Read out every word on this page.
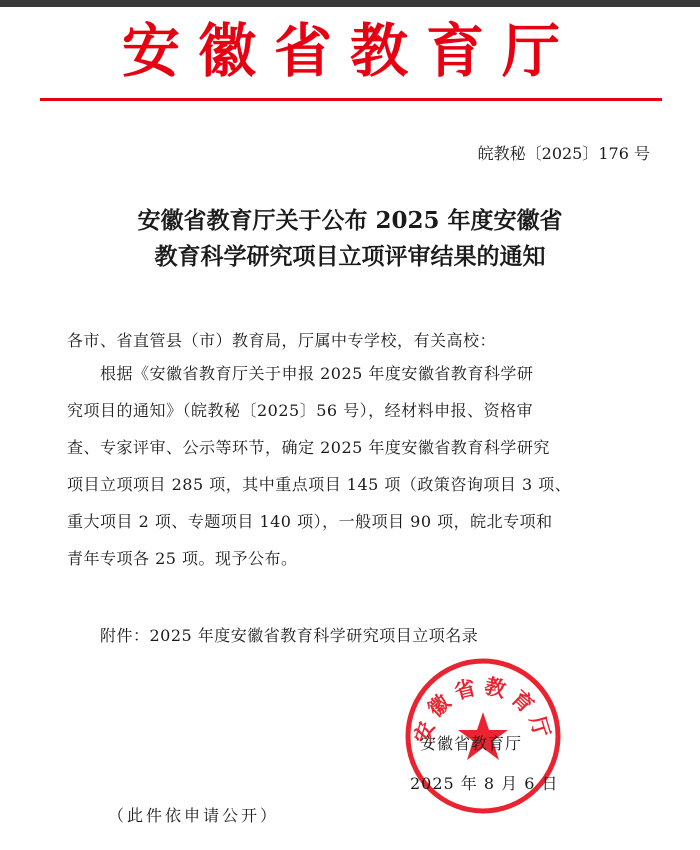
安徽省教育厅
皖教秘〔2025〕176 号
安徽省教育厅关于公布 2025 年度安徽省
教育科学研究项目立项评审结果的通知
各市、省直管县（市）教育局，厅属中专学校，有关高校：
根据《安徽省教育厅关于申报 2025 年度安徽省教育科学研
究项目的通知》（皖教秘〔2025〕56 号），经材料申报、资格审
查、专家评审、公示等环节，确定 2025 年度安徽省教育科学研究
项目立项项目 285 项，其中重点项目 145 项（政策咨询项目 3 项、
重大项目 2 项、专题项目 140 项），一般项目 90 项，皖北专项和
青年专项各 25 项。现予公布。
附件：2025 年度安徽省教育科学研究项目立项名录
安徽省教育厅
安徽省教育厅
2025 年 8 月 6 日
（此件依申请公开）
